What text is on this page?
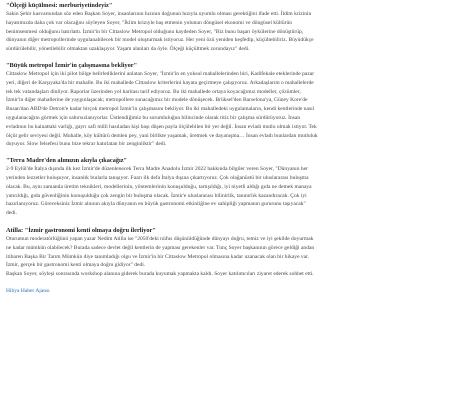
"Ölçeği küçülmesi: merburiyetindeyiz"

Sakin Şehir kasvarnından söz eden Başkan Soyer, insanlarının hızının doğunun hızıyla uyumlu olması gerektiğini ifade etti. İldim krizinin
hayatımızda daha çok var olacağını söyleyen Soyer, "İklim krizıyle baş etmenin yolunun döngüsel ekonomi ve döngüsel kültürün
benimsenmesi olduğunu hatırlattı. İzmir'in bir Cittaslow Metropol olduğunu kaydeden Soyer, "Biz bunu başarı öykülerine dönüştürüp,
dünyanın diğer metropollerinde uygulanabilecek bir model oluşturmak istiyoruz. Her yeni özü yeniden keşfedip, küçültebiliriz. Büyüdükçe
sürdürülebilir, yönetilebilir olmaktan uzaklaşıyor. Yaşam alanları da öyle. Ölçeği küçültmek zorundayız" dedi.

"Büyük metropol İzmir'in çalışmasına bekliyor"

Cittaslow Metropol için iki pilot bölge belirlediklerini anlatan Soyer, "İzmir'in en yoksul mahallelerinden biri, Kadifekale eteklerinde pazar
yeri, diğeri de Karşıyaka'da bir mahalle. Bu iki mahallede Cittaslow kriterlerini hayata geçirmeye çalışıyoruz. Arkadaşlarım o mahallelerde
tek tek vatandaşları dinliyor. Raporlar üzerinden yol haritası tarif ediyoruz. Bu iki mahallede ortaya koyacağımız modeller, çözümler,
İzmir'in diğer mahallerine de yaygınlaşacak; metropollere sunacağımız bir modele dönüşecek. Brüksel'den Barselona'ya, Güney Kore'de
Busan'dan ABD'de Detroit'e kadar birçok metropol İzmir'in çalışmasını bekliyor. Bu iki mahalledeki uygulamaların, kendi kentlerinde nasıl
uygulanacağını görmek için sabırsızlanıyorlar. Üstlendiğimiz bu sorumluluğun bilincinde olarak titiz bir çalışma sürdürüyoruz. İnsan
evladının bu kainattaki varlığı, gayrı safi milli hasıladan kişi başı düşen payla ölçülebilen bir yer değil. İnsan evladı mutlu olmak istiyor. Tek
ölçüt gelir seviyesi değil. Muhalle, köy kültürü demlen pey, yani birlikte yaşamak, üretmek ve dayanışma… İnsan evladı bunlardan mutluluk
duyuyor. Slow felsefesi bunu bize tekrar hatırlatan bir zenginliktir" dedi.

"Terra Madre'den alımızın akıyla çıkacağız"

2-9 Eylül'de İtalya dışında ilk kez İzmir'de düzenlenecek Terra Madre Anadolu İzmir 2022 hakkında bilgiler veren Soyer, "Dünyanın her
yerinden lezzetler buluşuyor, insanlık buılarla tanışıyor. Fuarı ilk defa İtalya dışına çıkartıyoruz. Çok olağanüstü bir uluslararası buluşma
olacak. Bu, aynı zamanda üretim teknikleri, modellerinin, yöntemlerinin konuşulduğu, tartışıldığı, iyi niyetli aldığı gıda ne demek manaya
yatırıldığı, gıda güvenliğinin konuşulduğu çok zengin bir buluşma olacak. İzmir'e uluslararası bilinirlik, tanınırlık kazandıracak. Çok iyi
hazırlanıyoruz. Göreceksiniz İzmir alnının akıyla dünyanın en büyük gastronomi etkinliğine ev sahipliği yapmanın gururunu taşıyacak"
dedi.

Atilla: "İzmir gastronomi kenti olmaya doğru ilerliyor"

Oturumun moderatörlüğünü yapan yazar Nedim Atilla ise "2050'deki nüfus düşünüldüğünde dünyayı doğru, temiz ve iyi şekilde doyurmak
ne kadar mümkün olabilecek? Burada sadece devlet değil kentlerin de yapması gerekenler var. Tunç Soyer başkanının görece geldiği andan
itibaren Başka Bir Tarım Mümkün diye tanımladığı olgu ve İzmir'in bir Cittaslow Metropol olmasına kadar uzanacak olan bir hikaye var.
İzmir, gerçek bir gastronomi kenti olmaya doğru gidiyor" dedi.
Başkan Soyer, söyleşi sonrasında workshop alanına giderek burada kuyumak yapmakta kaldı. Soyer katılımcıları ziyaret ederek sohbet etti.

Hibya Haber Ajansı
